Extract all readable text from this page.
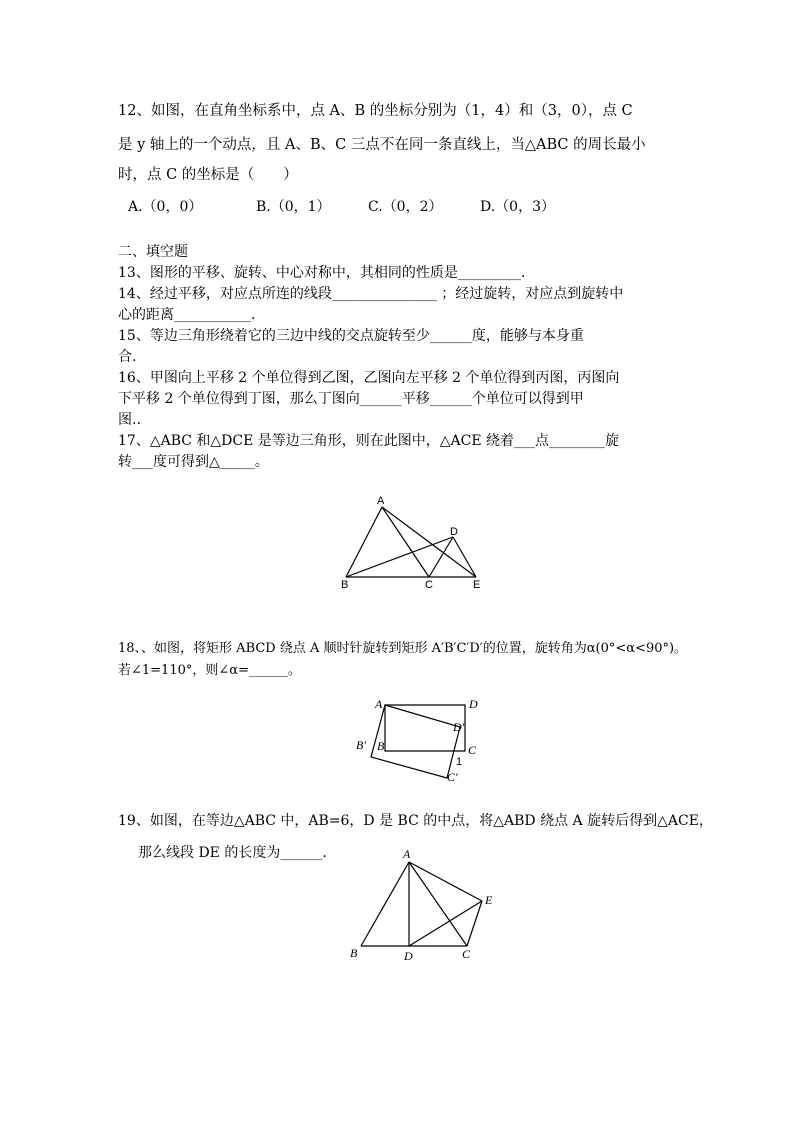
12、如图，在直角坐标系中，点 A、B 的坐标分别为（1，4）和（3，0），点 C
是 y 轴上的一个动点，且 A、B、C 三点不在同一条直线上，当△ABC 的周长最小
时，点 C 的坐标是（　　）
A.（0，0）	B.（0，1）	C.（0，2）	D.（0，3）
二、填空题
13、图形的平移、旋转、中心对称中，其相同的性质是_________.
14、经过平移，对应点所连的线段_______________ ；经过旋转，对应点到旋转中
心的距离___________.
15、等边三角形绕着它的三边中线的交点旋转至少______度，能够与本身重
合.
16、甲图向上平移 2 个单位得到乙图，乙图向左平移 2 个单位得到丙图，丙图向
下平移 2 个单位得到丁图，那么丁图向______平移______个单位可以得到甲
图..
17、△ABC 和△DCE 是等边三角形，则在此图中，△ACE 绕着___点________旋
转___度可得到△_____。
A
B	C
D
E
18、、如图，将矩形 ABCD 绕点 A 顺时针旋转到矩形 A′B′C′D′的位置，旋转角为α(0°<α<90°)。
若∠1=110°，则∠α=______。
A	D
D′
B′ B	C
1
C′
19、如图，在等边△ABC 中，AB=6，D 是 BC 的中点，将△ABD 绕点 A 旋转后得到△ACE，
那么线段 DE 的长度为______.	A
E
B	D	C
